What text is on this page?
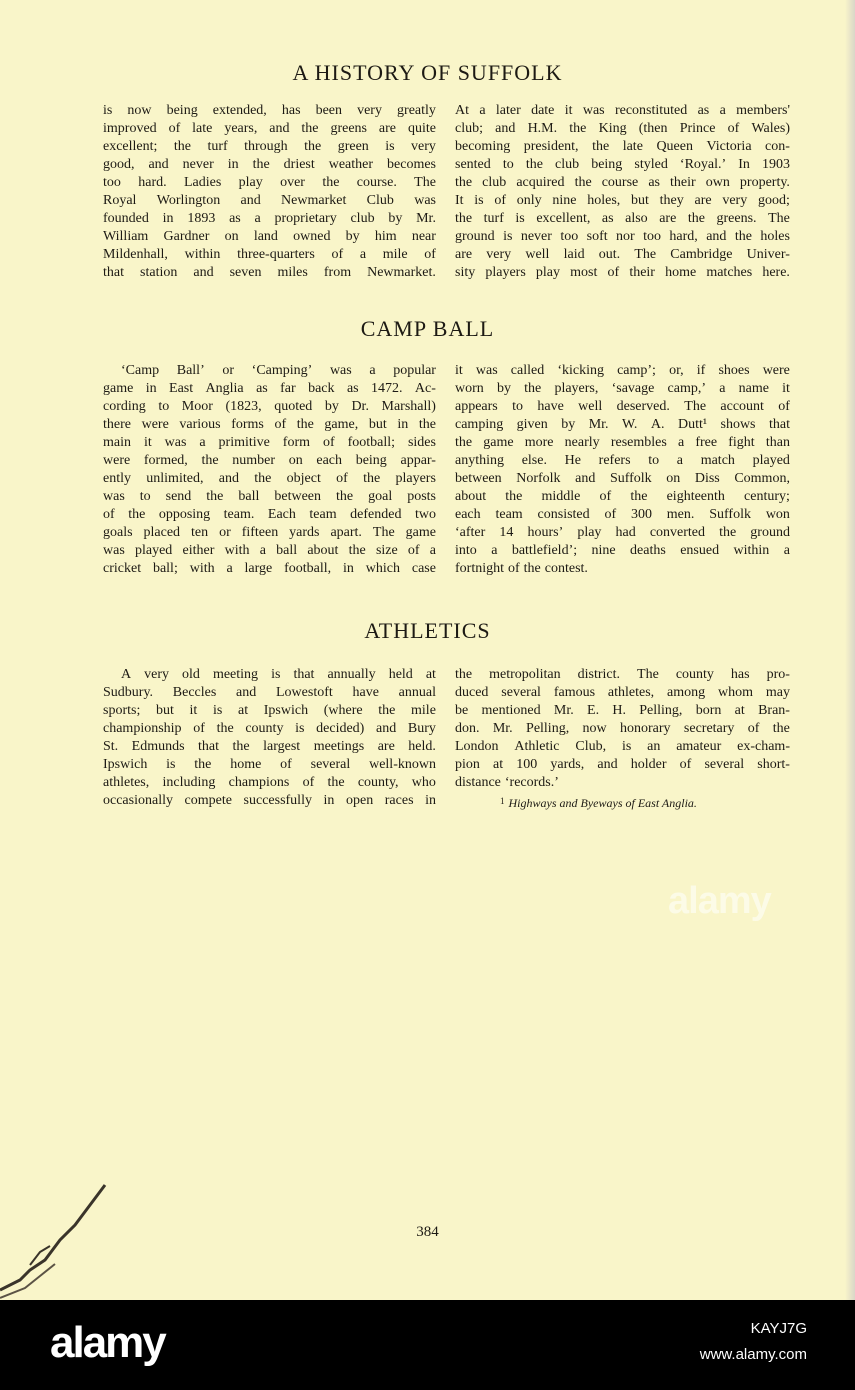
A HISTORY OF SUFFOLK
is now being extended, has been very greatly
improved of late years, and the greens are quite
excellent; the turf through the green is very
good, and never in the driest weather becomes
too hard. Ladies play over the course. The
Royal Worlington and Newmarket Club was
founded in 1893 as a proprietary club by Mr.
William Gardner on land owned by him near
Mildenhall, within three-quarters of a mile of
that station and seven miles from Newmarket.
At a later date it was reconstituted as a members'
club; and H.M. the King (then Prince of Wales)
becoming president, the late Queen Victoria con-
sented to the club being styled ‘Royal.’ In 1903
the club acquired the course as their own property.
It is of only nine holes, but they are very good;
the turf is excellent, as also are the greens. The
ground is never too soft nor too hard, and the holes
are very well laid out. The Cambridge Univer-
sity players play most of their home matches here.
CAMP BALL
‘Camp Ball’ or ‘Camping’ was a popular
game in East Anglia as far back as 1472. Ac-
cording to Moor (1823, quoted by Dr. Marshall)
there were various forms of the game, but in the
main it was a primitive form of football; sides
were formed, the number on each being appar-
ently unlimited, and the object of the players
was to send the ball between the goal posts
of the opposing team. Each team defended two
goals placed ten or fifteen yards apart. The game
was played either with a ball about the size of a
cricket ball; with a large football, in which case
it was called ‘kicking camp’; or, if shoes were
worn by the players, ‘savage camp,’ a name it
appears to have well deserved. The account of
camping given by Mr. W. A. Dutt¹ shows that
the game more nearly resembles a free fight than
anything else. He refers to a match played
between Norfolk and Suffolk on Diss Common,
about the middle of the eighteenth century;
each team consisted of 300 men. Suffolk won
‘after 14 hours’ play had converted the ground
into a battlefield’; nine deaths ensued within a
fortnight of the contest.
ATHLETICS
A very old meeting is that annually held at
Sudbury. Beccles and Lowestoft have annual
sports; but it is at Ipswich (where the mile
championship of the county is decided) and Bury
St. Edmunds that the largest meetings are held.
Ipswich is the home of several well-known
athletes, including champions of the county, who
occasionally compete successfully in open races in
the metropolitan district. The county has pro-
duced several famous athletes, among whom may
be mentioned Mr. E. H. Pelling, born at Bran-
don. Mr. Pelling, now honorary secretary of the
London Athletic Club, is an amateur ex-cham-
pion at 100 yards, and holder of several short-
distance ‘records.’
$^1$ Highways and Byeways of East Anglia.
alamy
384
alamy	KAYJ7G
www.alamy.com
